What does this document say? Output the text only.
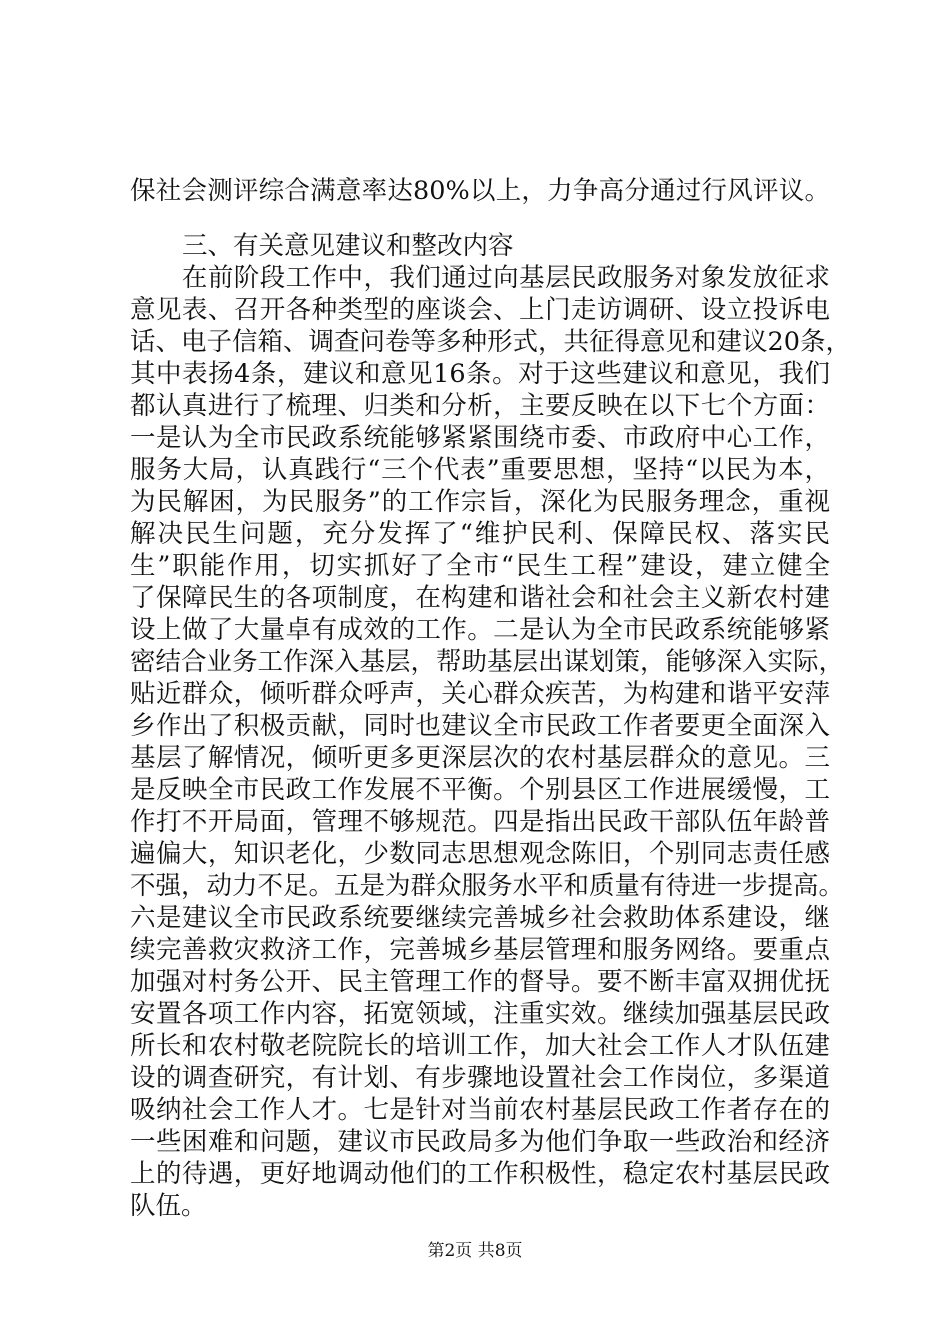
保社会测评综合满意率达80%以上，力争高分通过行风评议。
三、有关意见建议和整改内容
　　在前阶段工作中，我们通过向基层民政服务对象发放征求
意见表、召开各种类型的座谈会、上门走访调研、设立投诉电
话、电子信箱、调查问卷等多种形式，共征得意见和建议20条，
其中表扬4条，建议和意见16条。对于这些建议和意见，我们
都认真进行了梳理、归类和分析，主要反映在以下七个方面：
一是认为全市民政系统能够紧紧围绕市委、市政府中心工作，
服务大局，认真践行“三个代表”重要思想，坚持“以民为本，
为民解困，为民服务”的工作宗旨，深化为民服务理念，重视
解决民生问题，充分发挥了“维护民利、保障民权、落实民
生”职能作用，切实抓好了全市“民生工程”建设，建立健全
了保障民生的各项制度，在构建和谐社会和社会主义新农村建
设上做了大量卓有成效的工作。二是认为全市民政系统能够紧
密结合业务工作深入基层，帮助基层出谋划策，能够深入实际，
贴近群众，倾听群众呼声，关心群众疾苦，为构建和谐平安萍
乡作出了积极贡献，同时也建议全市民政工作者要更全面深入
基层了解情况，倾听更多更深层次的农村基层群众的意见。三
是反映全市民政工作发展不平衡。个别县区工作进展缓慢，工
作打不开局面，管理不够规范。四是指出民政干部队伍年龄普
遍偏大，知识老化，少数同志思想观念陈旧，个别同志责任感
不强，动力不足。五是为群众服务水平和质量有待进一步提高。
六是建议全市民政系统要继续完善城乡社会救助体系建设，继
续完善救灾救济工作，完善城乡基层管理和服务网络。要重点
加强对村务公开、民主管理工作的督导。要不断丰富双拥优抚
安置各项工作内容，拓宽领域，注重实效。继续加强基层民政
所长和农村敬老院院长的培训工作，加大社会工作人才队伍建
设的调查研究，有计划、有步骤地设置社会工作岗位，多渠道
吸纳社会工作人才。七是针对当前农村基层民政工作者存在的
一些困难和问题，建议市民政局多为他们争取一些政治和经济
上的待遇，更好地调动他们的工作积极性，稳定农村基层民政
队伍。
第2页 共8页
